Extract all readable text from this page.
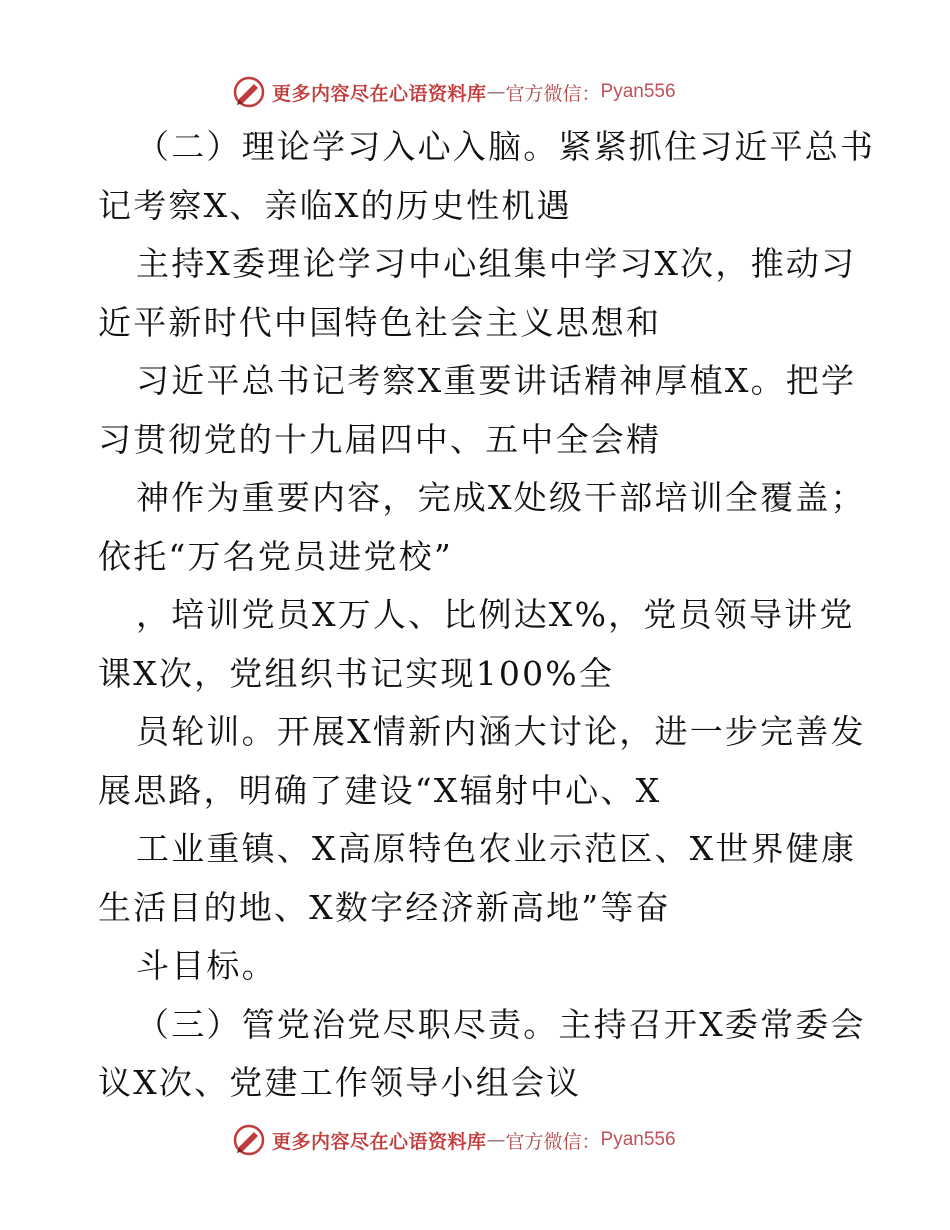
更多内容尽在心语资料库 — 官方微信： Pyan556
（二）理论学习入心入脑。紧紧抓住习近平总书
记考察X、亲临X的历史性机遇
主持X委理论学习中心组集中学习X次，推动习
近平新时代中国特色社会主义思想和
习近平总书记考察X重要讲话精神厚植X。把学
习贯彻党的十九届四中、五中全会精
神作为重要内容，完成X处级干部培训全覆盖；
依托“万名党员进党校”
，培训党员X万人、比例达X%，党员领导讲党
课X次，党组织书记实现100%全
员轮训。开展X情新内涵大讨论，进一步完善发
展思路，明确了建设“X辐射中心、X
工业重镇、X高原特色农业示范区、X世界健康
生活目的地、X数字经济新高地”等奋
斗目标。
（三）管党治党尽职尽责。主持召开X委常委会
议X次、党建工作领导小组会议
更多内容尽在心语资料库 — 官方微信： Pyan556
